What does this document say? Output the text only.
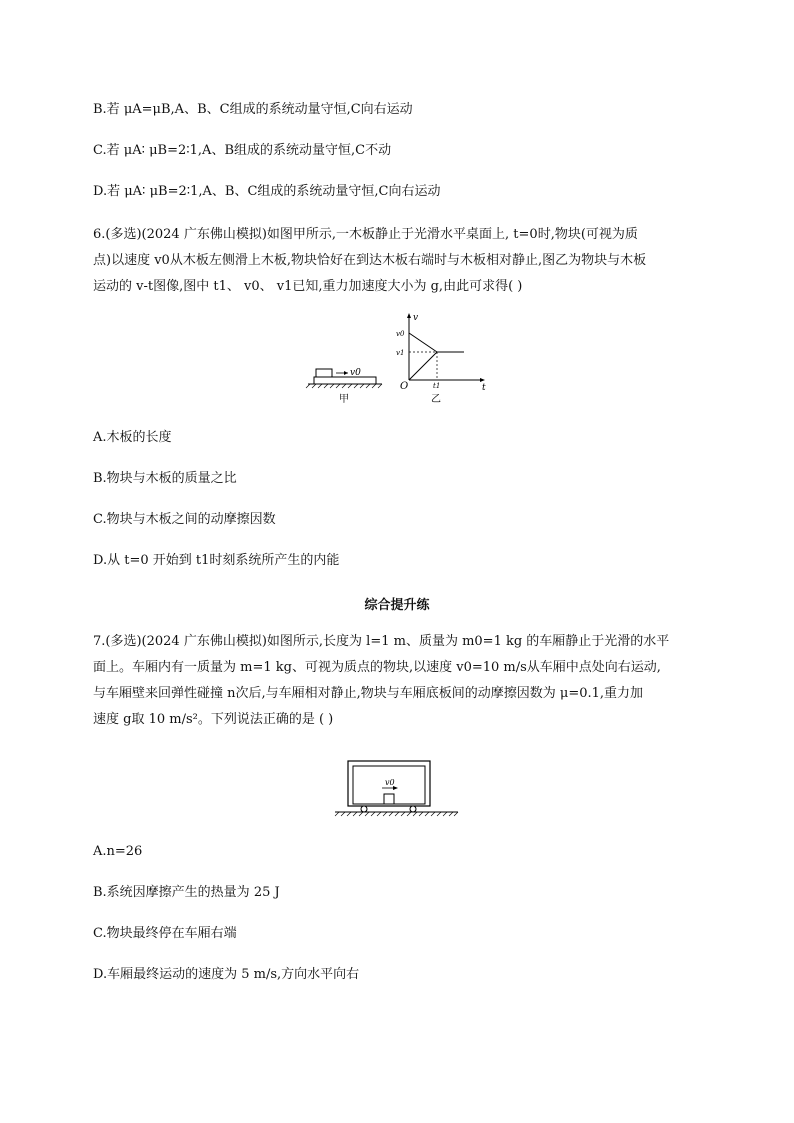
B.若 μA=μB,A、B、C组成的系统动量守恒,C向右运动
C.若 μA∶ μB=2∶1,A、B组成的系统动量守恒,C不动
D.若 μA∶ μB=2∶1,A、B、C组成的系统动量守恒,C向右运动
6.(多选)(2024 广东佛山模拟)如图甲所示,一木板静止于光滑水平桌面上, t=0时,物块(可视为质
点)以速度 v0从木板左侧滑上木板,物块恰好在到达木板右端时与木板相对静止,图乙为物块与木板
运动的 v-t图像,图中 t1、 v0、 v1已知,重力加速度大小为 g,由此可求得( )
v0
甲
v
t
O
v0
v1
t1
乙
A.木板的长度
B.物块与木板的质量之比
C.物块与木板之间的动摩擦因数
D.从 t=0 开始到 t1时刻系统所产生的内能
综合提升练
7.(多选)(2024 广东佛山模拟)如图所示,长度为 l=1 m、质量为 m0=1 kg 的车厢静止于光滑的水平
面上。车厢内有一质量为 m=1 kg、可视为质点的物块,以速度 v0=10 m/s从车厢中点处向右运动,
与车厢壁来回弹性碰撞 n次后,与车厢相对静止,物块与车厢底板间的动摩擦因数为 μ=0.1,重力加
速度 g取 10 m/s²。下列说法正确的是 ( )
v0
A.n=26
B.系统因摩擦产生的热量为 25 J
C.物块最终停在车厢右端
D.车厢最终运动的速度为 5 m/s,方向水平向右
